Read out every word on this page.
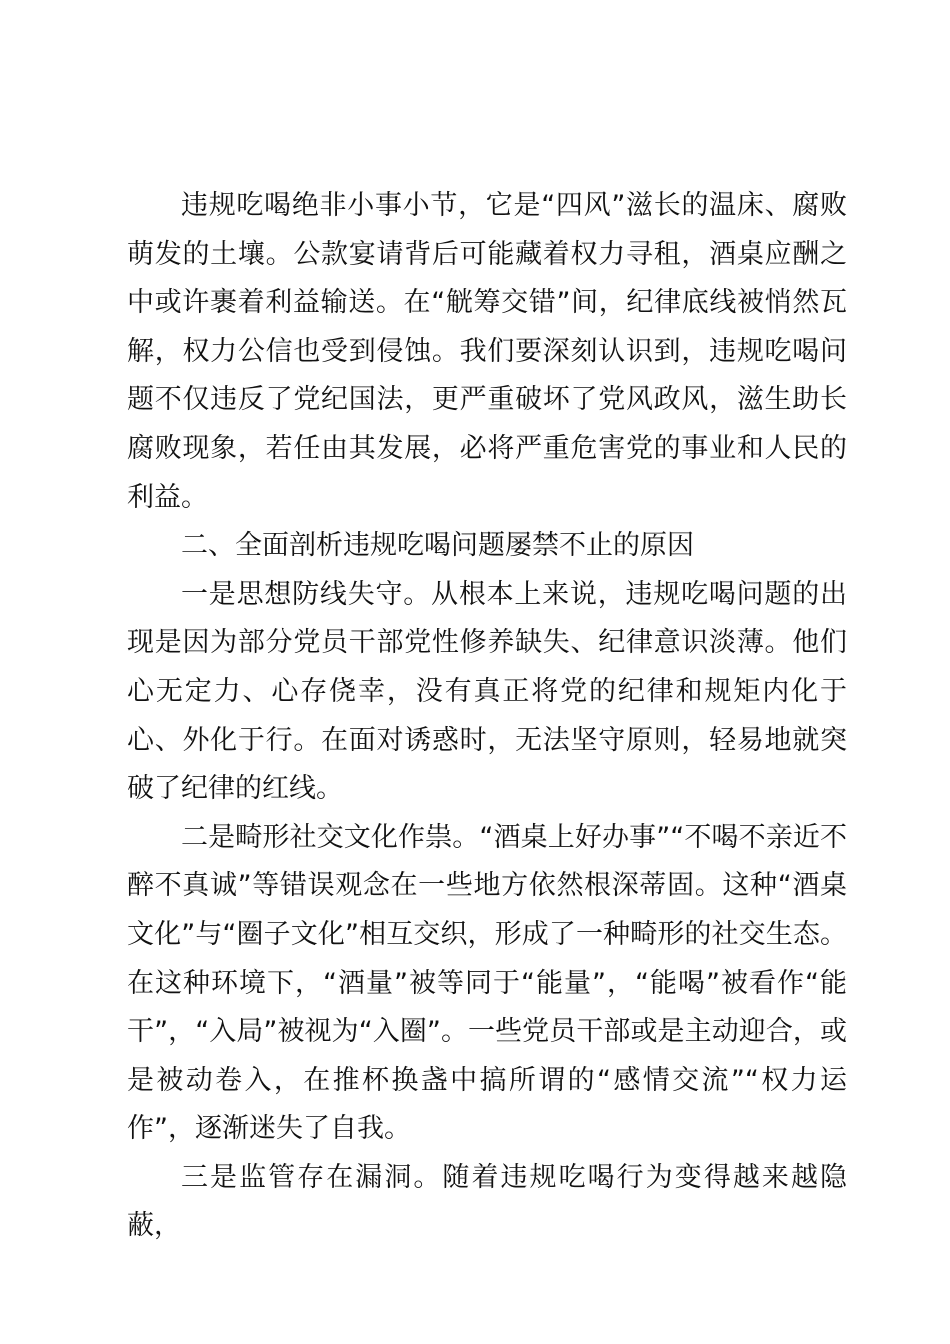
违规吃喝绝非小事小节，它是“四风”滋长的温床、腐败萌发的土壤。公款宴请背后可能藏着权力寻租，酒桌应酬之中或许裹着利益输送。在“觥筹交错”间，纪律底线被悄然瓦解，权力公信也受到侵蚀。我们要深刻认识到，违规吃喝问题不仅违反了党纪国法，更严重破坏了党风政风，滋生助长腐败现象，若任由其发展，必将严重危害党的事业和人民的利益。

二、全面剖析违规吃喝问题屡禁不止的原因

一是思想防线失守。从根本上来说，违规吃喝问题的出现是因为部分党员干部党性修养缺失、纪律意识淡薄。他们心无定力、心存侥幸，没有真正将党的纪律和规矩内化于心、外化于行。在面对诱惑时，无法坚守原则，轻易地就突破了纪律的红线。

二是畸形社交文化作祟。“酒桌上好办事”“不喝不亲近不醉不真诚”等错误观念在一些地方依然根深蒂固。这种“酒桌文化”与“圈子文化”相互交织，形成了一种畸形的社交生态。在这种环境下，“酒量”被等同于“能量”，“能喝”被看作“能干”，“入局”被视为“入圈”。一些党员干部或是主动迎合，或是被动卷入，在推杯换盏中搞所谓的“感情交流”“权力运作”，逐渐迷失了自我。

三是监管存在漏洞。随着违规吃喝行为变得越来越隐蔽，
